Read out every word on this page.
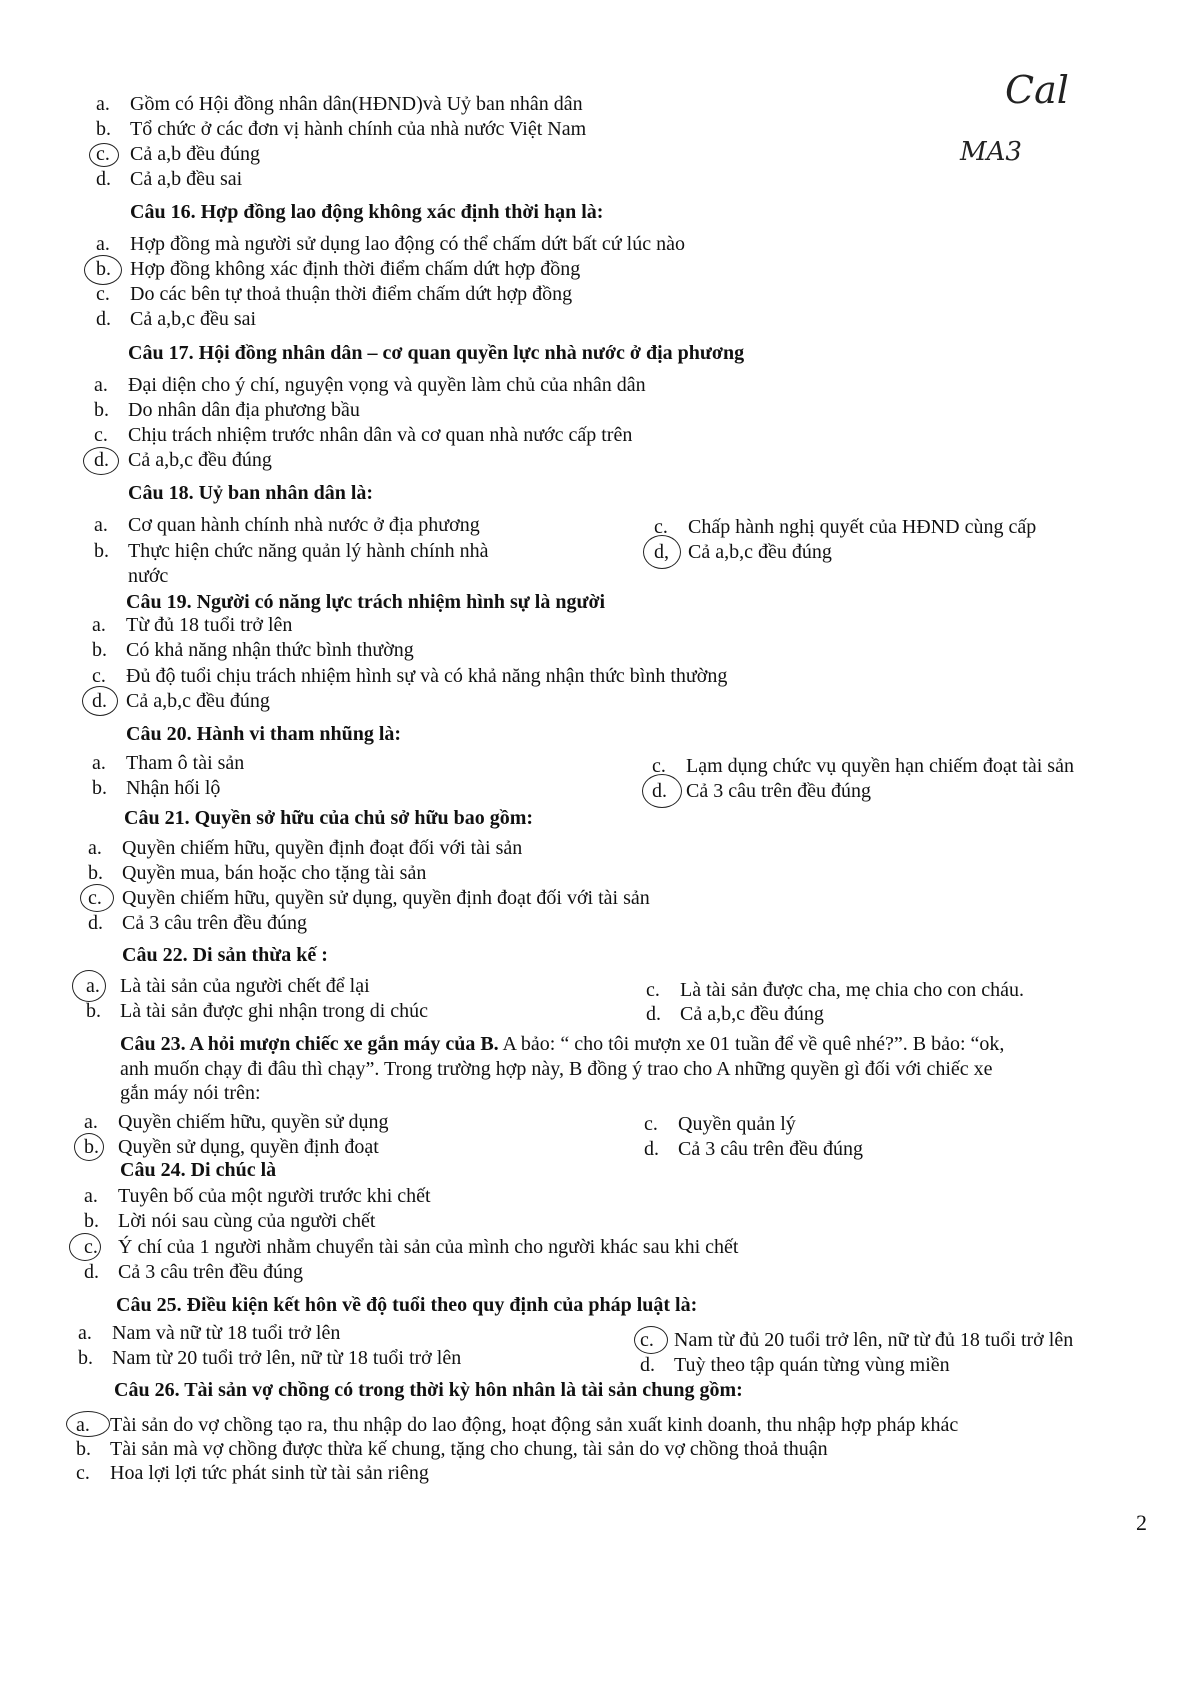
Cal
MA3
a. Gồm có Hội đồng nhân dân(HĐND)và Uỷ ban nhân dân
b. Tổ chức ở các đơn vị hành chính của nhà nước Việt Nam
c. Cả a,b đều đúng
d. Cả a,b đều sai
Câu 16. Hợp đồng lao động không xác định thời hạn là:
a. Hợp đồng mà người sử dụng lao động có thể chấm dứt bất cứ lúc nào
b. Hợp đồng không xác định thời điểm chấm dứt hợp đồng
c. Do các bên tự thoả thuận thời điểm chấm dứt hợp đồng
d. Cả a,b,c đều sai
Câu 17. Hội đồng nhân dân – cơ quan quyền lực nhà nước ở địa phương
a. Đại diện cho ý chí, nguyện vọng và quyền làm chủ của nhân dân
b. Do nhân dân địa phương bầu
c. Chịu trách nhiệm trước nhân dân và cơ quan nhà nước cấp trên
d. Cả a,b,c đều đúng
Câu 18. Uỷ ban nhân dân là:
a. Cơ quan hành chính nhà nước ở địa phương
b. Thực hiện chức năng quản lý hành chính nhà
nước
c. Chấp hành nghị quyết của HĐND cùng cấp
d, Cả a,b,c đều đúng
Câu 19. Người có năng lực trách nhiệm hình sự là người
a. Từ đủ 18 tuổi trở lên
b. Có khả năng nhận thức bình thường
c. Đủ độ tuổi chịu trách nhiệm hình sự và có khả năng nhận thức bình thường
d. Cả a,b,c đều đúng
Câu 20. Hành vi tham nhũng là:
a. Tham ô tài sản
b. Nhận hối lộ
c. Lạm dụng chức vụ quyền hạn chiếm đoạt tài sản
d. Cả 3 câu trên đều đúng
Câu 21. Quyền sở hữu của chủ sở hữu bao gồm:
a. Quyền chiếm hữu, quyền định đoạt đối với tài sản
b. Quyền mua, bán hoặc cho tặng tài sản
c. Quyền chiếm hữu, quyền sử dụng, quyền định đoạt đối với tài sản
d. Cả 3 câu trên đều đúng
Câu 22. Di sản thừa kế :
a. Là tài sản của người chết để lại
b. Là tài sản được ghi nhận trong di chúc
c. Là tài sản được cha, mẹ chia cho con cháu.
d. Cả a,b,c đều đúng
Câu 23. A hỏi mượn chiếc xe gắn máy của B. A bảo: “ cho tôi mượn xe 01 tuần để về quê nhé?”. B bảo: “ok,
anh muốn chạy đi đâu thì chạy”. Trong trường hợp này, B đồng ý trao cho A những quyền gì đối với chiếc xe
gắn máy nói trên:
a. Quyền chiếm hữu, quyền sử dụng
b. Quyền sử dụng, quyền định đoạt
c. Quyền quản lý
d. Cả 3 câu trên đều đúng
Câu 24. Di chúc là
a. Tuyên bố của một người trước khi chết
b. Lời nói sau cùng của người chết
c. Ý chí của 1 người nhằm chuyển tài sản của mình cho người khác sau khi chết
d. Cả 3 câu trên đều đúng
Câu 25. Điều kiện kết hôn về độ tuổi theo quy định của pháp luật là:
a. Nam và nữ từ 18 tuổi trở lên
b. Nam từ 20 tuổi trở lên, nữ từ 18 tuổi trở lên
c. Nam từ đủ 20 tuổi trở lên, nữ từ đủ 18 tuổi trở lên
d. Tuỳ theo tập quán từng vùng miền
Câu 26. Tài sản vợ chồng có trong thời kỳ hôn nhân là tài sản chung gồm:
a. Tài sản do vợ chồng tạo ra, thu nhập do lao động, hoạt động sản xuất kinh doanh, thu nhập hợp pháp khác
b. Tài sản mà vợ chồng được thừa kế chung, tặng cho chung, tài sản do vợ chồng thoả thuận
c. Hoa lợi lợi tức phát sinh từ tài sản riêng
2
